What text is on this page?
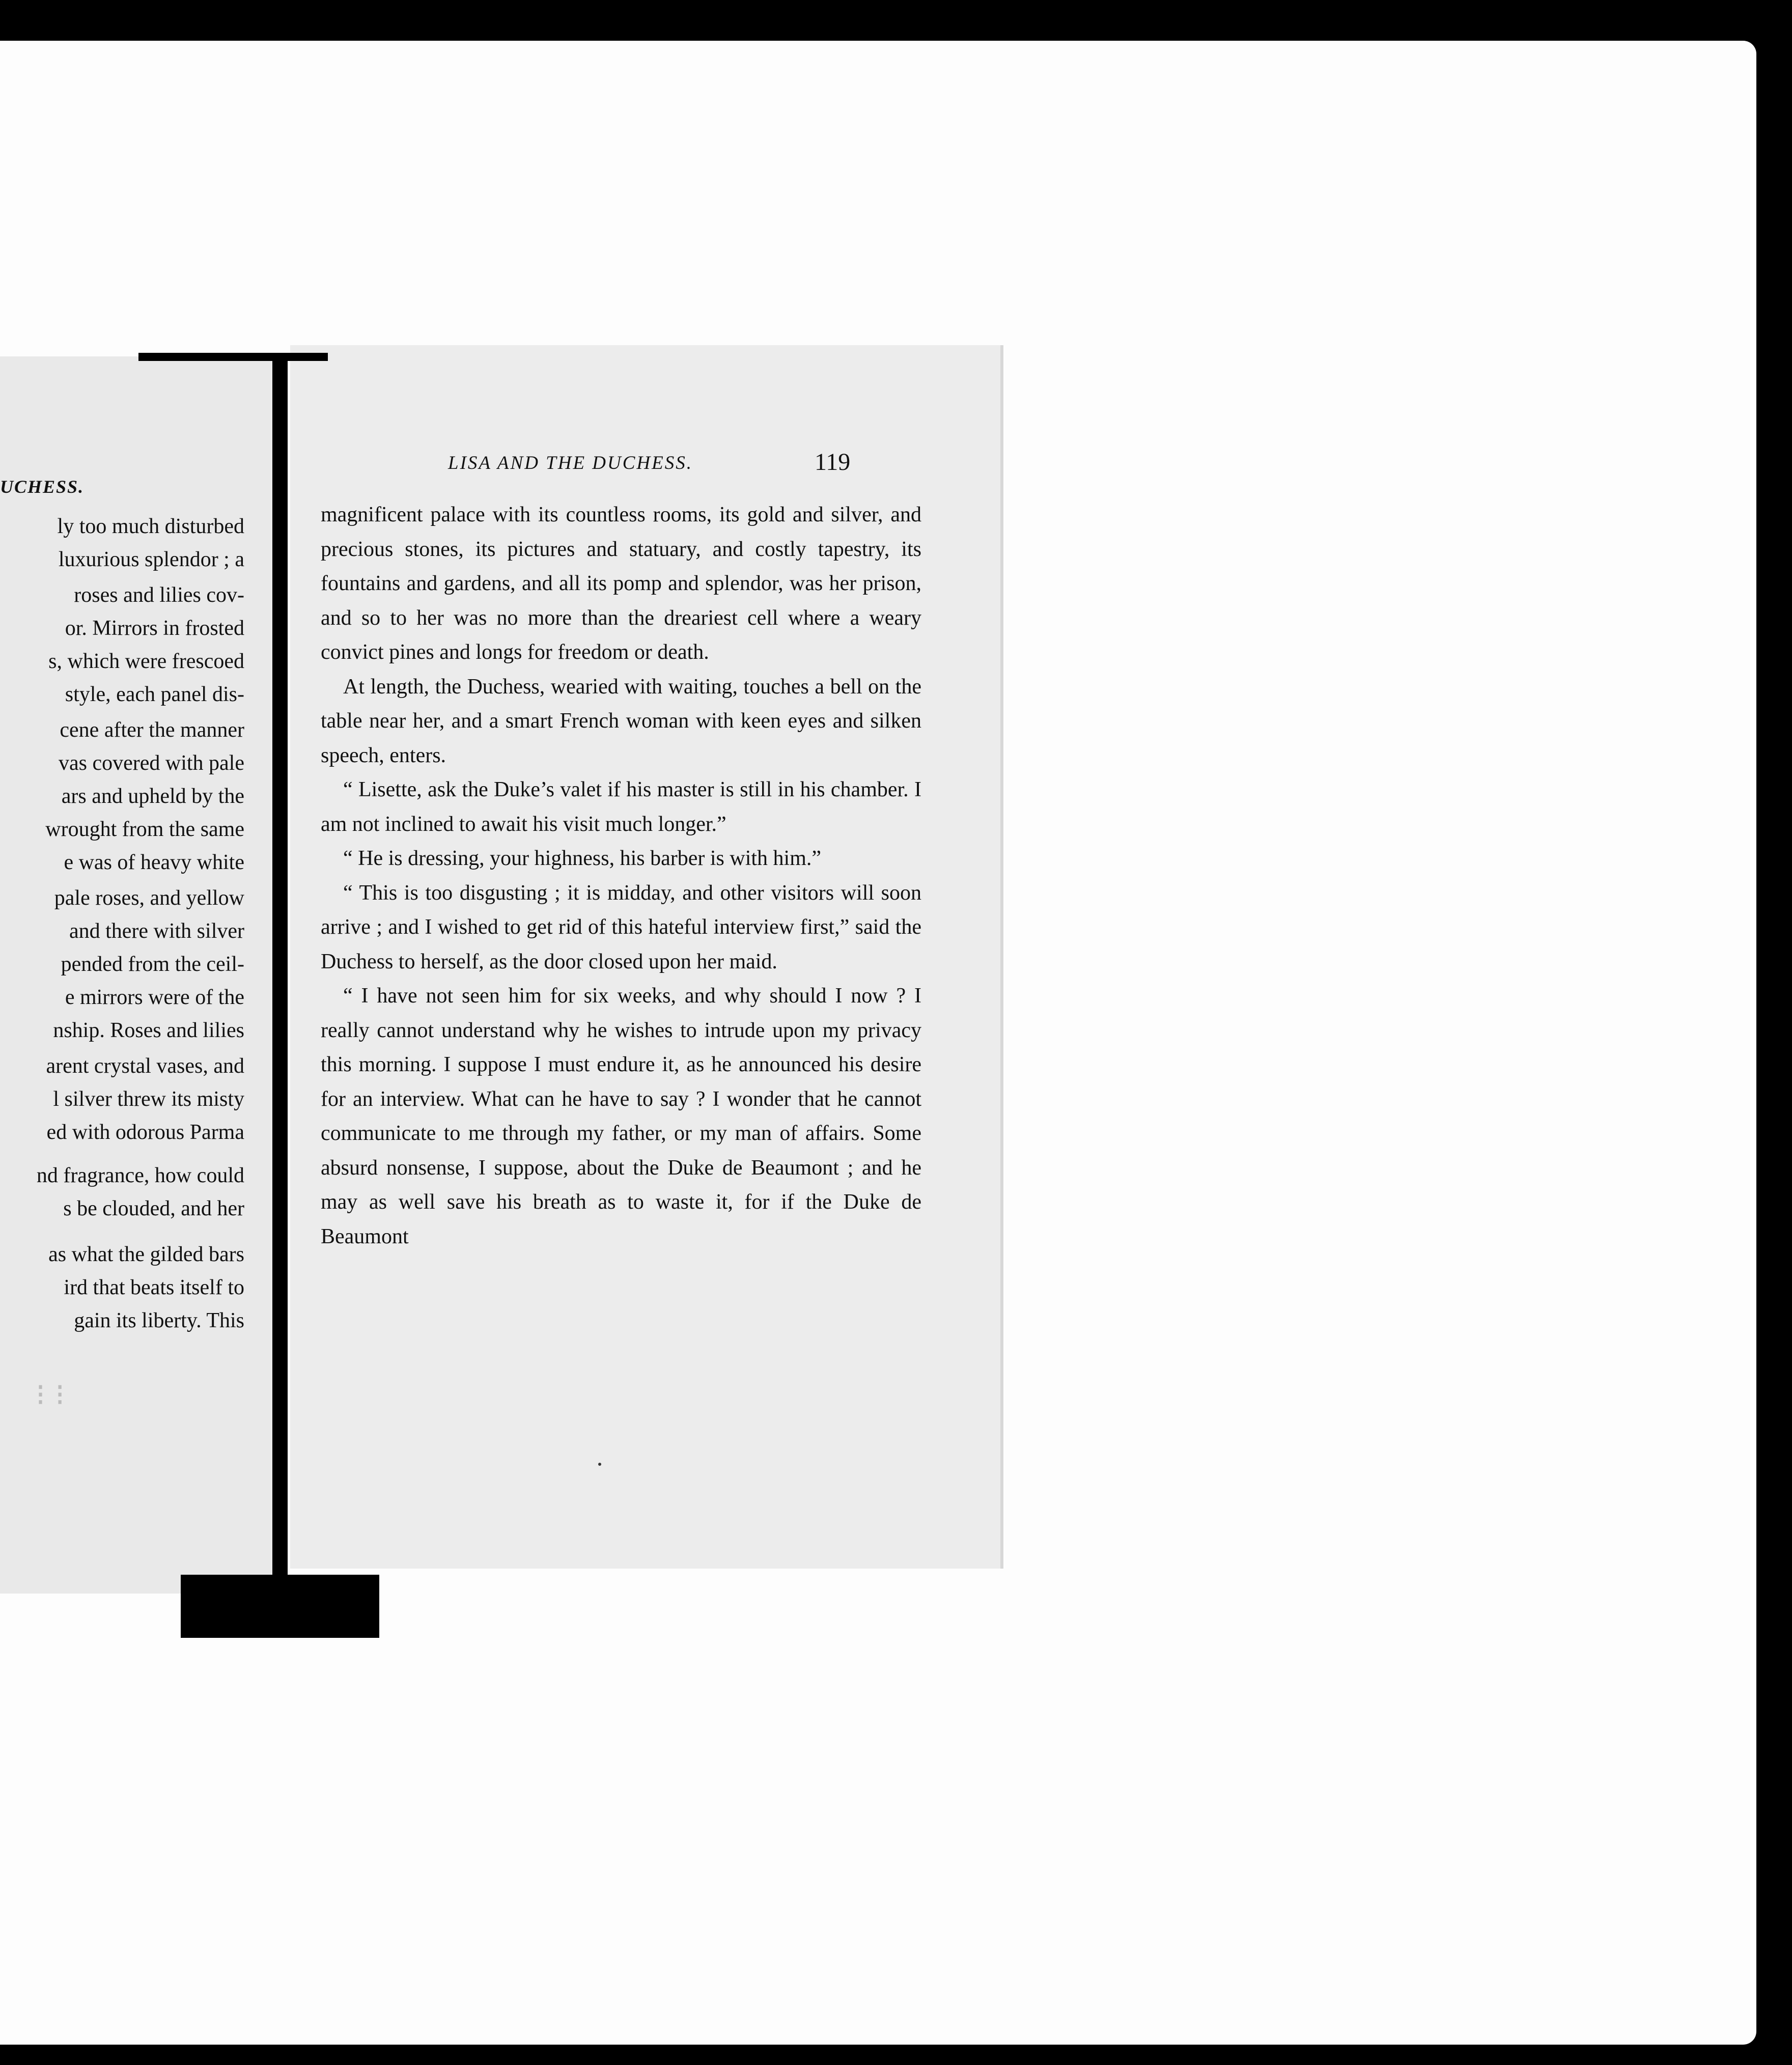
UCHESS.
ly too much disturbed
luxurious splendor ; a
roses and lilies cov-
or. Mirrors in frosted
s, which were frescoed
style, each panel dis-
cene after the manner
vas covered with pale
ars and upheld by the
wrought from the same
e was of heavy white
pale roses, and yellow
and there with silver
pended from the ceil-
e mirrors were of the
nship. Roses and lilies
arent crystal vases, and
l silver threw its misty
ed with odorous Parma
nd fragrance, how could
s be clouded, and her
as what the gilded bars
ird that beats itself to
gain its liberty. This
⁝ ⁝
LISA AND THE DUCHESS.	119

magnificent palace with its countless rooms, its gold and silver, and precious stones, its pictures and statuary, and costly tapestry, its fountains and gardens, and all its pomp and splendor, was her prison, and so to her was no more than the dreariest cell where a weary convict pines and longs for freedom or death.

At length, the Duchess, wearied with waiting, touches a bell on the table near her, and a smart French woman with keen eyes and silken speech, enters.

“ Lisette, ask the Duke’s valet if his master is still in his chamber. I am not inclined to await his visit much longer.”

“ He is dressing, your highness, his barber is with him.”

“ This is too disgusting ; it is midday, and other visitors will soon arrive ; and I wished to get rid of this hateful interview first,” said the Duchess to herself, as the door closed upon her maid.

“ I have not seen him for six weeks, and why should I now ? I really cannot understand why he wishes to intrude upon my privacy this morning. I suppose I must endure it, as he announced his desire for an interview. What can he have to say ? I wonder that he cannot communicate to me through my father, or my man of affairs. Some absurd nonsense, I suppose, about the Duke de Beaumont ; and he may as well save his breath as to waste it, for if the Duke de Beaumont
